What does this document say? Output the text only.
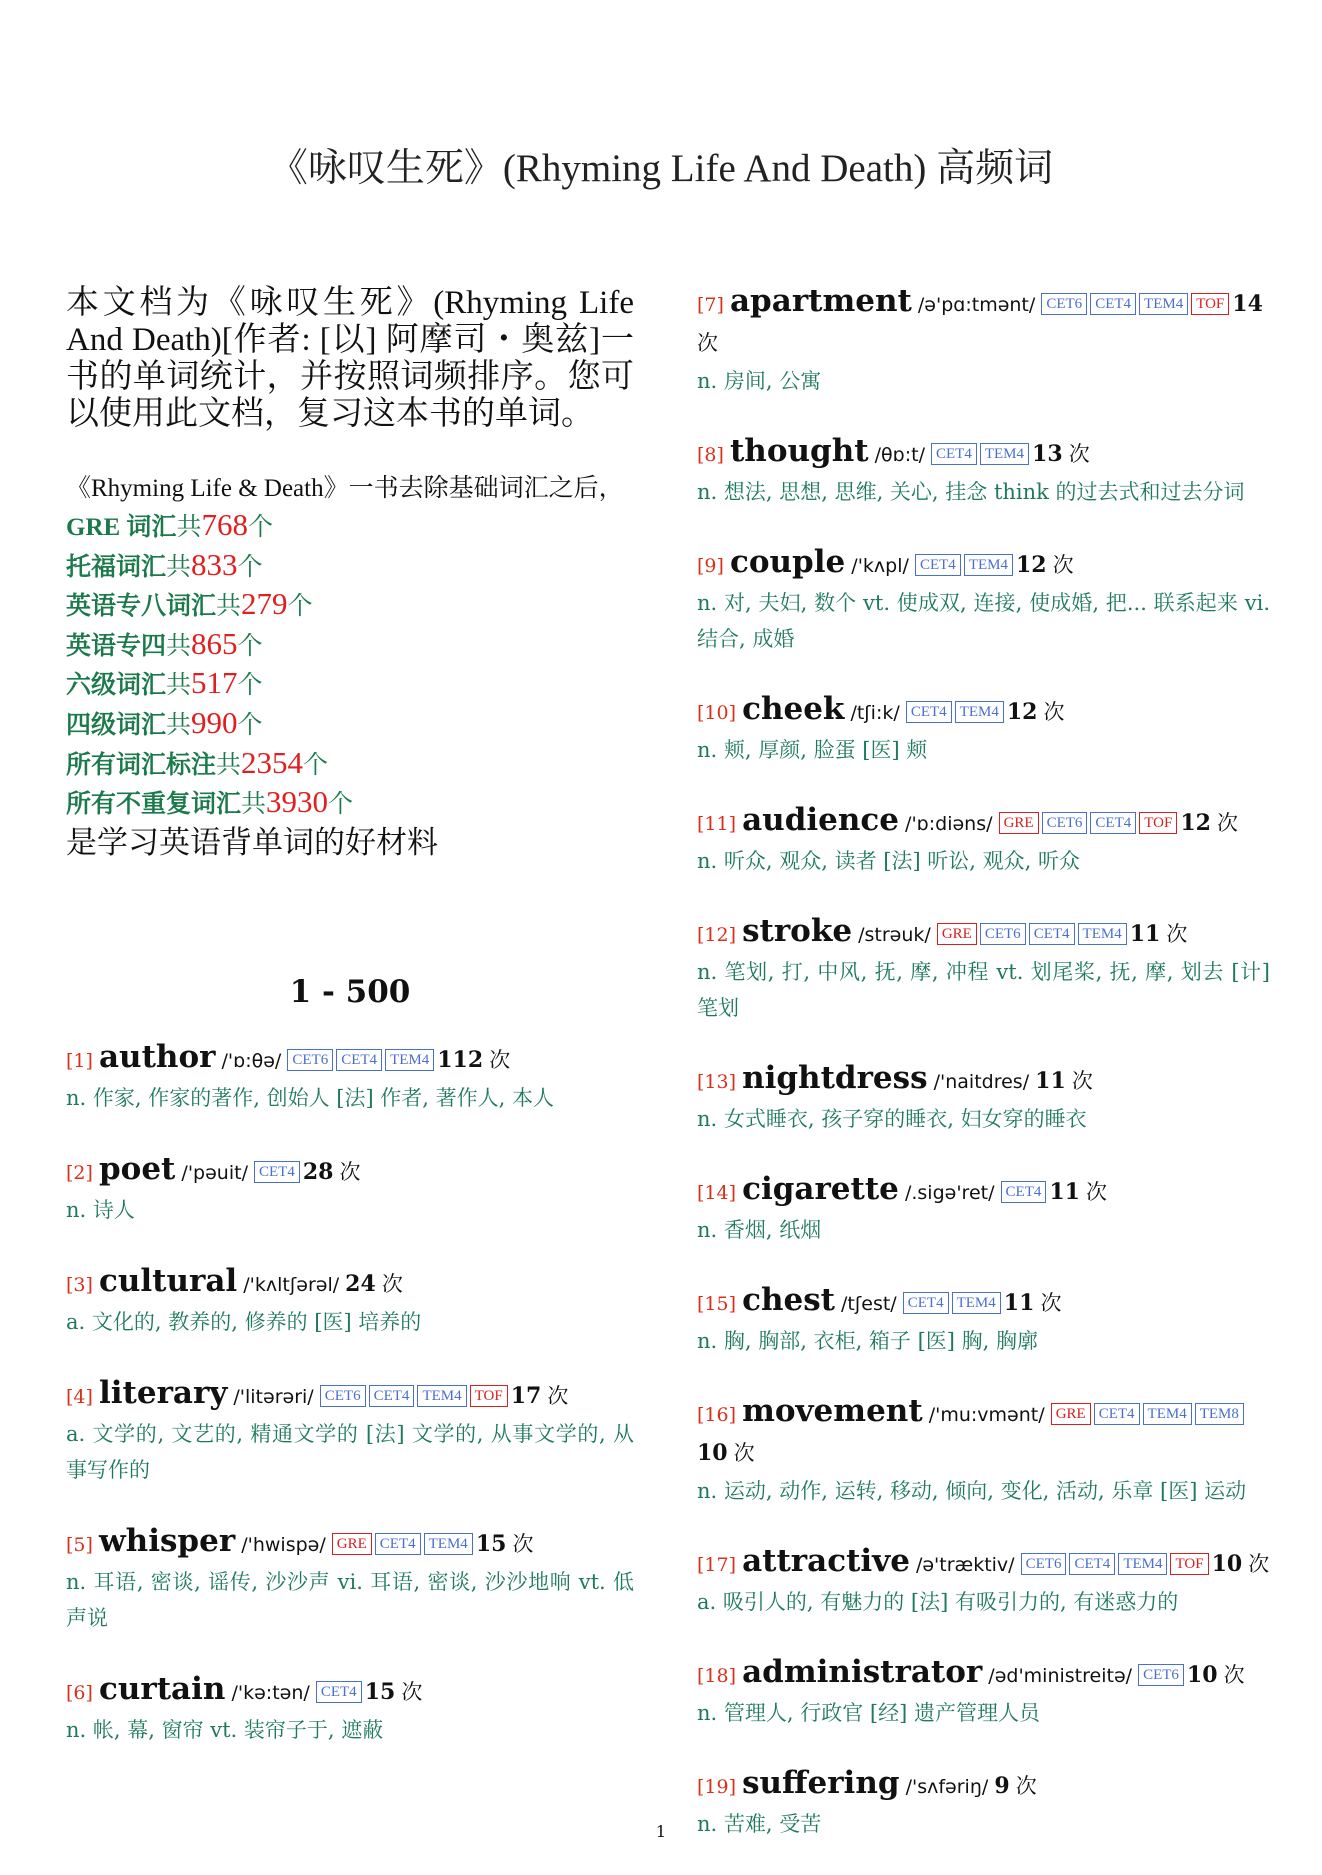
《咏叹生死》(Rhyming Life And Death) 高频词

本文档为《咏叹生死》(Rhyming Life And Death)[作者: [以] 阿摩司・奥兹]一书的单词统计，并按照词频排序。您可以使用此文档，复习这本书的单词。

《Rhyming Life & Death》一书去除基础词汇之后，
GRE 词汇共768个
托福词汇共833个
英语专八词汇共279个
英语专四共865个
六级词汇共517个
四级词汇共990个
所有词汇标注共2354个
所有不重复词汇共3930个
是学习英语背单词的好材料
1 - 500
[1] author /'ɒ:θə/ CET6 CET4 TEM4 112 次
n. 作家, 作家的著作, 创始人 [法] 作者, 著作人, 本人
[2] poet /'pəuit/ CET4 28 次
n. 诗人
[3] cultural /'kʌltʃərəl/ 24 次
a. 文化的, 教养的, 修养的 [医] 培养的
[4] literary /'litərəri/ CET6 CET4 TEM4 TOF 17 次
a. 文学的, 文艺的, 精通文学的 [法] 文学的, 从事文学的, 从事写作的
[5] whisper /'hwispə/ GRE CET4 TEM4 15 次
n. 耳语, 密谈, 谣传, 沙沙声 vi. 耳语, 密谈, 沙沙地响 vt. 低声说
[6] curtain /'kə:tən/ CET4 15 次
n. 帐, 幕, 窗帘 vt. 装帘子于, 遮蔽
[7] apartment /ə'pɑ:tmənt/ CET6 CET4 TEM4 TOF 14 次
n. 房间, 公寓
[8] thought /θɒ:t/ CET4 TEM4 13 次
n. 想法, 思想, 思维, 关心, 挂念 think 的过去式和过去分词
[9] couple /'kʌpl/ CET4 TEM4 12 次
n. 对, 夫妇, 数个 vt. 使成双, 连接, 使成婚, 把... 联系起来 vi. 结合, 成婚
[10] cheek /tʃi:k/ CET4 TEM4 12 次
n. 颊, 厚颜, 脸蛋 [医] 颊
[11] audience /'ɒ:diəns/ GRE CET6 CET4 TOF 12 次
n. 听众, 观众, 读者 [法] 听讼, 观众, 听众
[12] stroke /strəuk/ GRE CET6 CET4 TEM4 11 次
n. 笔划, 打, 中风, 抚, 摩, 冲程 vt. 划尾桨, 抚, 摩, 划去 [计] 笔划
[13] nightdress /'naitdres/ 11 次
n. 女式睡衣, 孩子穿的睡衣, 妇女穿的睡衣
[14] cigarette /.sigə'ret/ CET4 11 次
n. 香烟, 纸烟
[15] chest /tʃest/ CET4 TEM4 11 次
n. 胸, 胸部, 衣柜, 箱子 [医] 胸, 胸廓
[16] movement /'mu:vmənt/ GRE CET4 TEM4 TEM810 次
n. 运动, 动作, 运转, 移动, 倾向, 变化, 活动, 乐章 [医] 运动
[17] attractive /ə'træktiv/ CET6 CET4 TEM4 TOF 10 次
a. 吸引人的, 有魅力的 [法] 有吸引力的, 有迷惑力的
[18] administrator /əd'ministreitə/ CET6 10 次
n. 管理人, 行政官 [经] 遗产管理人员
[19] suffering /'sʌfəriŋ/ 9 次
n. 苦难, 受苦
1
